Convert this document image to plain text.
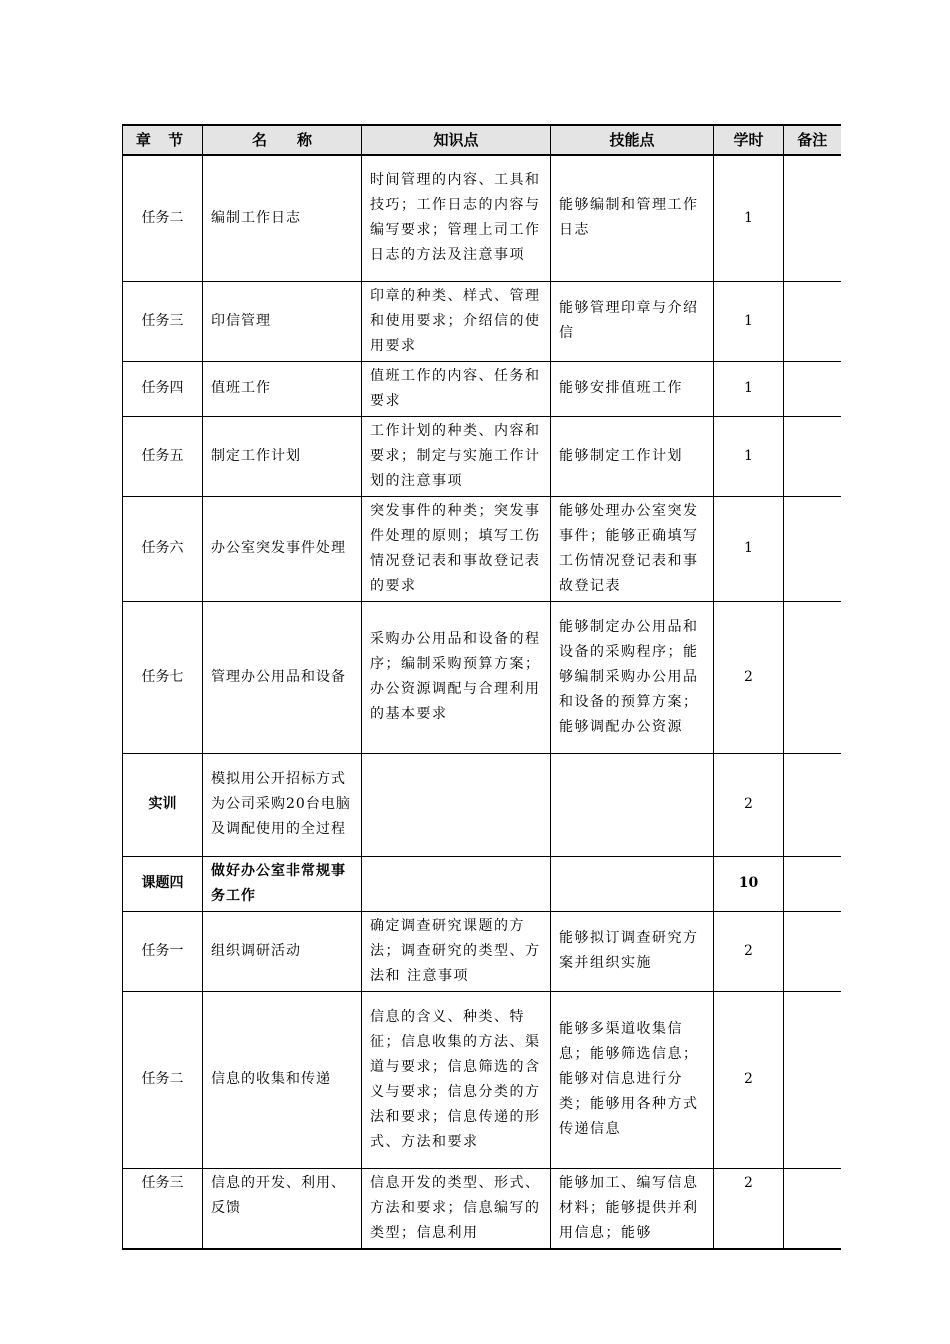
章 节	名　　称	知识点	技能点	学时	备注
任务二	编制工作日志	时间管理的内容、工具和技巧；工作日志的内容与编写要求；管理上司工作日志的方法及注意事项	能够编制和管理工作日志	1	
任务三	印信管理	印章的种类、样式、管理和使用要求；介绍信的使用要求	能够管理印章与介绍信	1	
任务四	值班工作	值班工作的内容、任务和要求	能够安排值班工作	1	
任务五	制定工作计划	工作计划的种类、内容和要求；制定与实施工作计划的注意事项	能够制定工作计划	1	
任务六	办公室突发事件处理	突发事件的种类；突发事件处理的原则；填写工伤情况登记表和事故登记表的要求	能够处理办公室突发事件；能够正确填写工伤情况登记表和事故登记表	1	
任务七	管理办公用品和设备	采购办公用品和设备的程序；编制采购预算方案；办公资源调配与合理利用的基本要求	能够制定办公用品和设备的采购程序；能够编制采购办公用品和设备的预算方案；能够调配办公资源	2	
实训	模拟用公开招标方式为公司采购20台电脑及调配使用的全过程			2	
课题四	做好办公室非常规事务工作			10	
任务一	组织调研活动	确定调查研究课题的方法；调查研究的类型、方法和 注意事项	能够拟订调查研究方案并组织实施	2	
任务二	信息的收集和传递	信息的含义、种类、特征；信息收集的方法、渠道与要求；信息筛选的含义与要求；信息分类的方法和要求；信息传递的形式、方法和要求	能够多渠道收集信息；能够筛选信息；能够对信息进行分类；能够用各种方式传递信息	2	
任务三	信息的开发、利用、反馈	信息开发的类型、形式、方法和要求；信息编写的类型；信息利用	能够加工、编写信息材料；能够提供并利用信息；能够	2	
